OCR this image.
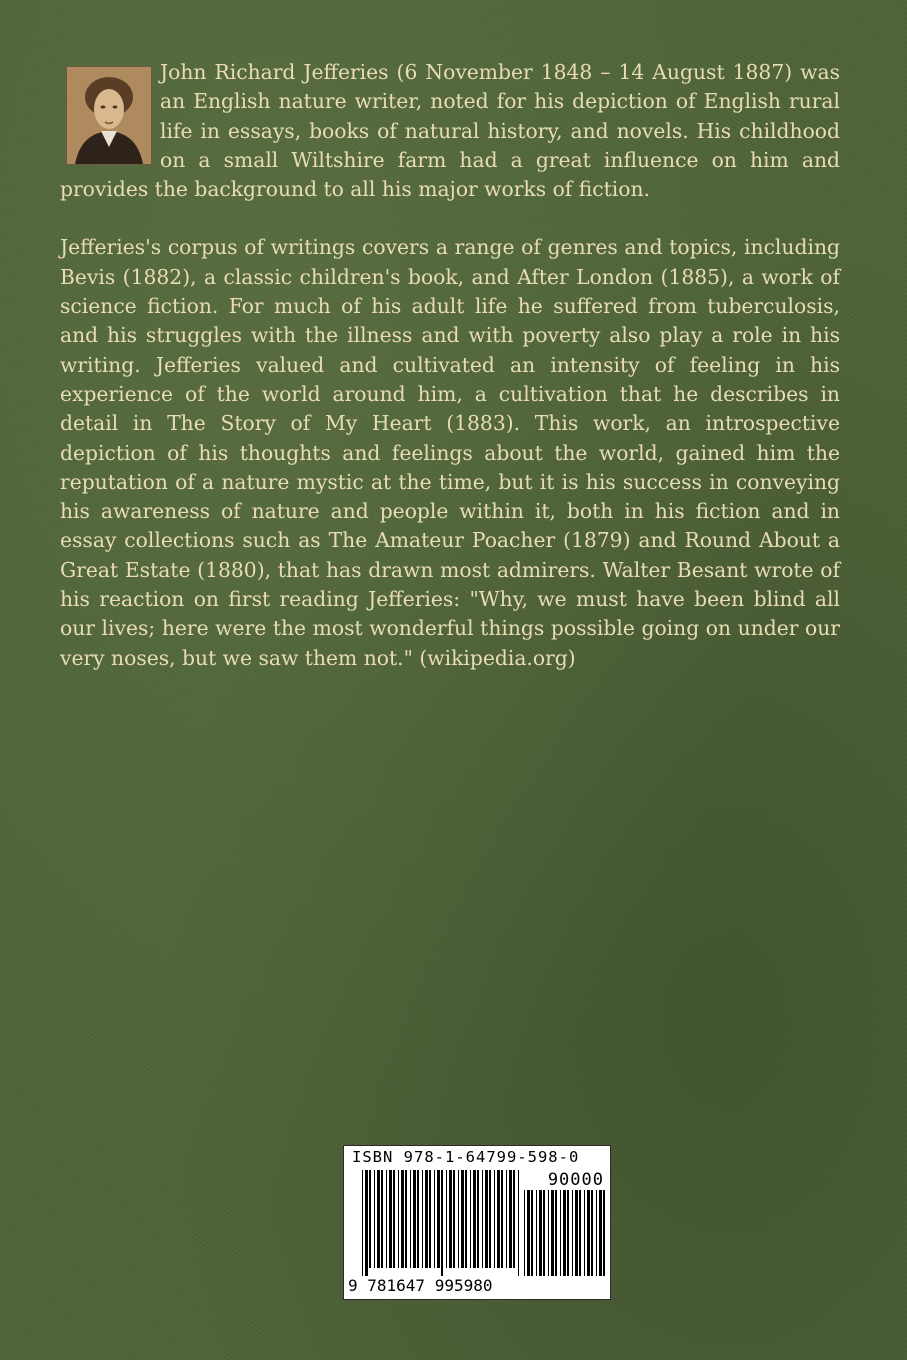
John Richard Jefferies (6 November 1848 – 14 August 1887) was an English nature writer, noted for his depiction of English rural life in essays, books of natural history, and novels. His childhood on a small Wiltshire farm had a great influence on him and provides the background to all his major works of fiction.

Jefferies's corpus of writings covers a range of genres and topics, including Bevis (1882), a classic children's book, and After London (1885), a work of science fiction. For much of his adult life he suffered from tuberculosis, and his struggles with the illness and with poverty also play a role in his writing. Jefferies valued and cultivated an intensity of feeling in his experience of the world around him, a cultivation that he describes in detail in The Story of My Heart (1883). This work, an introspective depiction of his thoughts and feelings about the world, gained him the reputation of a nature mystic at the time, but it is his success in conveying his awareness of nature and people within it, both in his fiction and in essay collections such as The Amateur Poacher (1879) and Round About a Great Estate (1880), that has drawn most admirers. Walter Besant wrote of his reaction on first reading Jefferies: "Why, we must have been blind all our lives; here were the most wonderful things possible going on under our very noses, but we saw them not." (wikipedia.org)

ISBN 978-1-64799-598-0
90000
9 781647 995980
